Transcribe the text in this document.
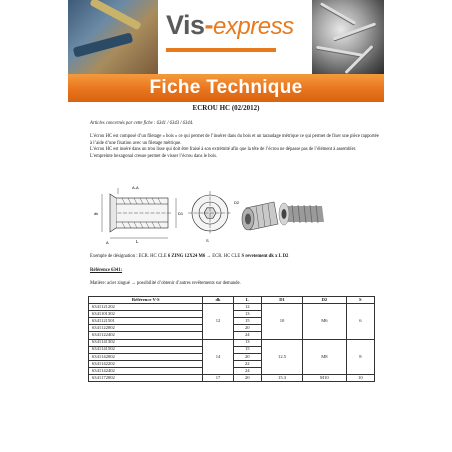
Vis-express
Fiche Technique
ECROU HC (02/2012)
Articles concernés par cette fiche : 6341 / 6343 / 6344.
L’écrou HC est composé d’un filetage « bois » ce qui permet de l’insérer dans du bois et un taraudage métrique ce qui permet de fixer une pièce rapportée à l’aide d’une fixation avec un filetage métrique.
L’écrou HC est inséré dans un trou lisse qui doit être fraisé à son extrémité afin que la tête de l’écrou ne dépasse pas de l’élément à assembler.
L’empreinte hexagonal creuse permet de visser l’écrou dans le bois.
A-A
L
dk	D1
A	S
D2
Exemple de désignation : ECR. HC CLE 6 ZING 12X24 M6 → ECR. HC CLE S revetement dk x L D2
Référence 6341:
Matière: acier zingué → possibilité d’obtenir d’autres revêtements sur demande.
Référence V-S	dk	L	D1	D2	S
6341121202	12	12	10	M6	6
6341101302		13			
6341121501		15			
6341122002		20			
6341122402		24			
6341141302	14	13	12.5	M8	8
6341141502		15			
6341142002		20			
6341142202		22			
6341142402		24			
6341172002	17	20	15.3	M10	10
